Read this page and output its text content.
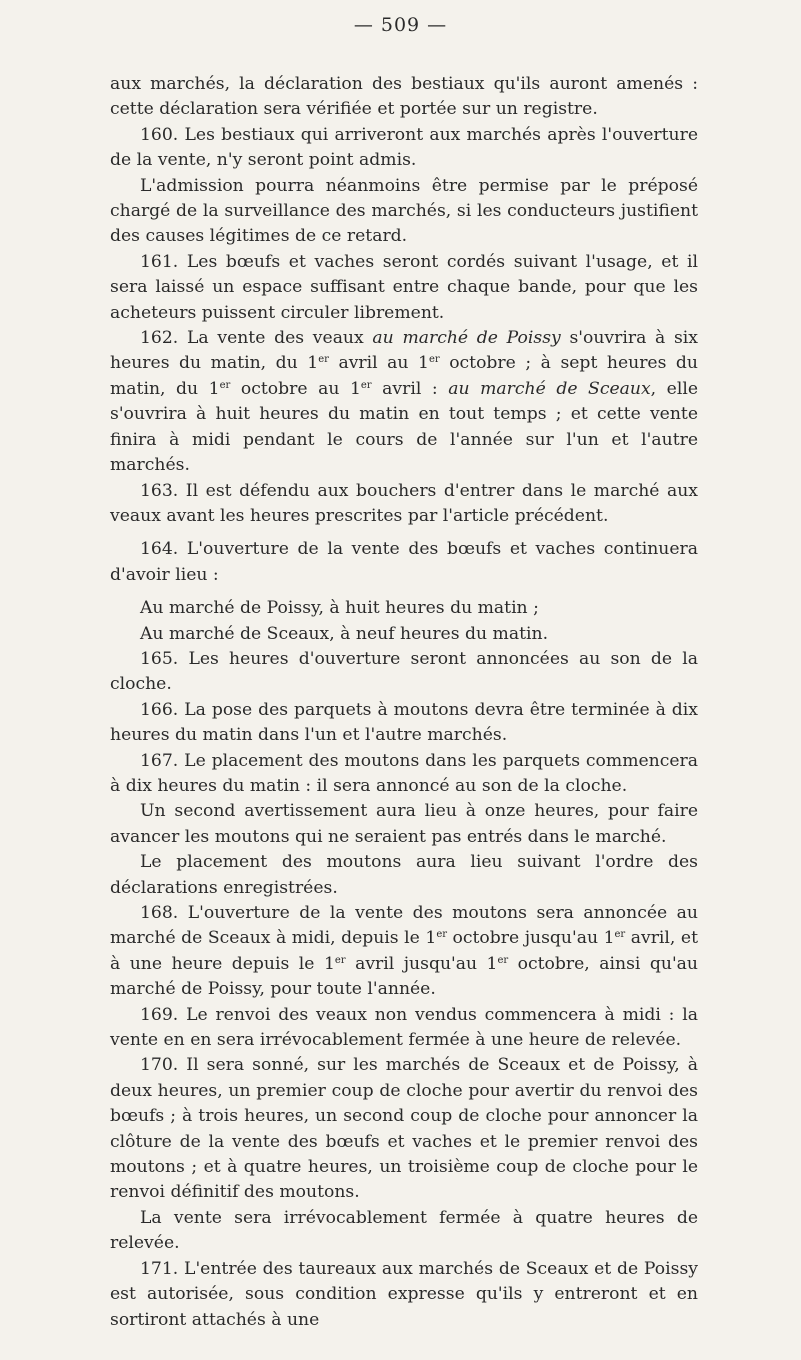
— 509 —

aux marchés, la déclaration des bestiaux qu'ils auront amenés : cette déclaration sera vérifiée et portée sur un registre.

160. Les bestiaux qui arriveront aux marchés après l'ouverture de la vente, n'y seront point admis.

L'admission pourra néanmoins être permise par le préposé chargé de la surveillance des marchés, si les conducteurs justifient des causes légitimes de ce retard.

161. Les bœufs et vaches seront cordés suivant l'usage, et il sera laissé un espace suffisant entre chaque bande, pour que les acheteurs puissent circuler librement.

162. La vente des veaux au marché de Poissy s'ouvrira à six heures du matin, du 1er avril au 1er octobre ; à sept heures du matin, du 1er octobre au 1er avril : au marché de Sceaux, elle s'ouvrira à huit heures du matin en tout temps ; et cette vente finira à midi pendant le cours de l'année sur l'un et l'autre marchés.

163. Il est défendu aux bouchers d'entrer dans le marché aux veaux avant les heures prescrites par l'article précédent.

164. L'ouverture de la vente des bœufs et vaches continuera d'avoir lieu :

Au marché de Poissy, à huit heures du matin ;

Au marché de Sceaux, à neuf heures du matin.

165. Les heures d'ouverture seront annoncées au son de la cloche.

166. La pose des parquets à moutons devra être terminée à dix heures du matin dans l'un et l'autre marchés.

167. Le placement des moutons dans les parquets commencera à dix heures du matin : il sera annoncé au son de la cloche.

Un second avertissement aura lieu à onze heures, pour faire avancer les moutons qui ne seraient pas entrés dans le marché.

Le placement des moutons aura lieu suivant l'ordre des déclarations enregistrées.

168. L'ouverture de la vente des moutons sera annoncée au marché de Sceaux à midi, depuis le 1er octobre jusqu'au 1er avril, et à une heure depuis le 1er avril jusqu'au 1er octobre, ainsi qu'au marché de Poissy, pour toute l'année.

169. Le renvoi des veaux non vendus commencera à midi : la vente en en sera irrévocablement fermée à une heure de relevée.

170. Il sera sonné, sur les marchés de Sceaux et de Poissy, à deux heures, un premier coup de cloche pour avertir du renvoi des bœufs ; à trois heures, un second coup de cloche pour annoncer la clôture de la vente des bœufs et vaches et le premier renvoi des moutons ; et à quatre heures, un troisième coup de cloche pour le renvoi définitif des moutons.

La vente sera irrévocablement fermée à quatre heures de relevée.

171. L'entrée des taureaux aux marchés de Sceaux et de Poissy est autorisée, sous condition expresse qu'ils y entreront et en sortiront attachés à une
